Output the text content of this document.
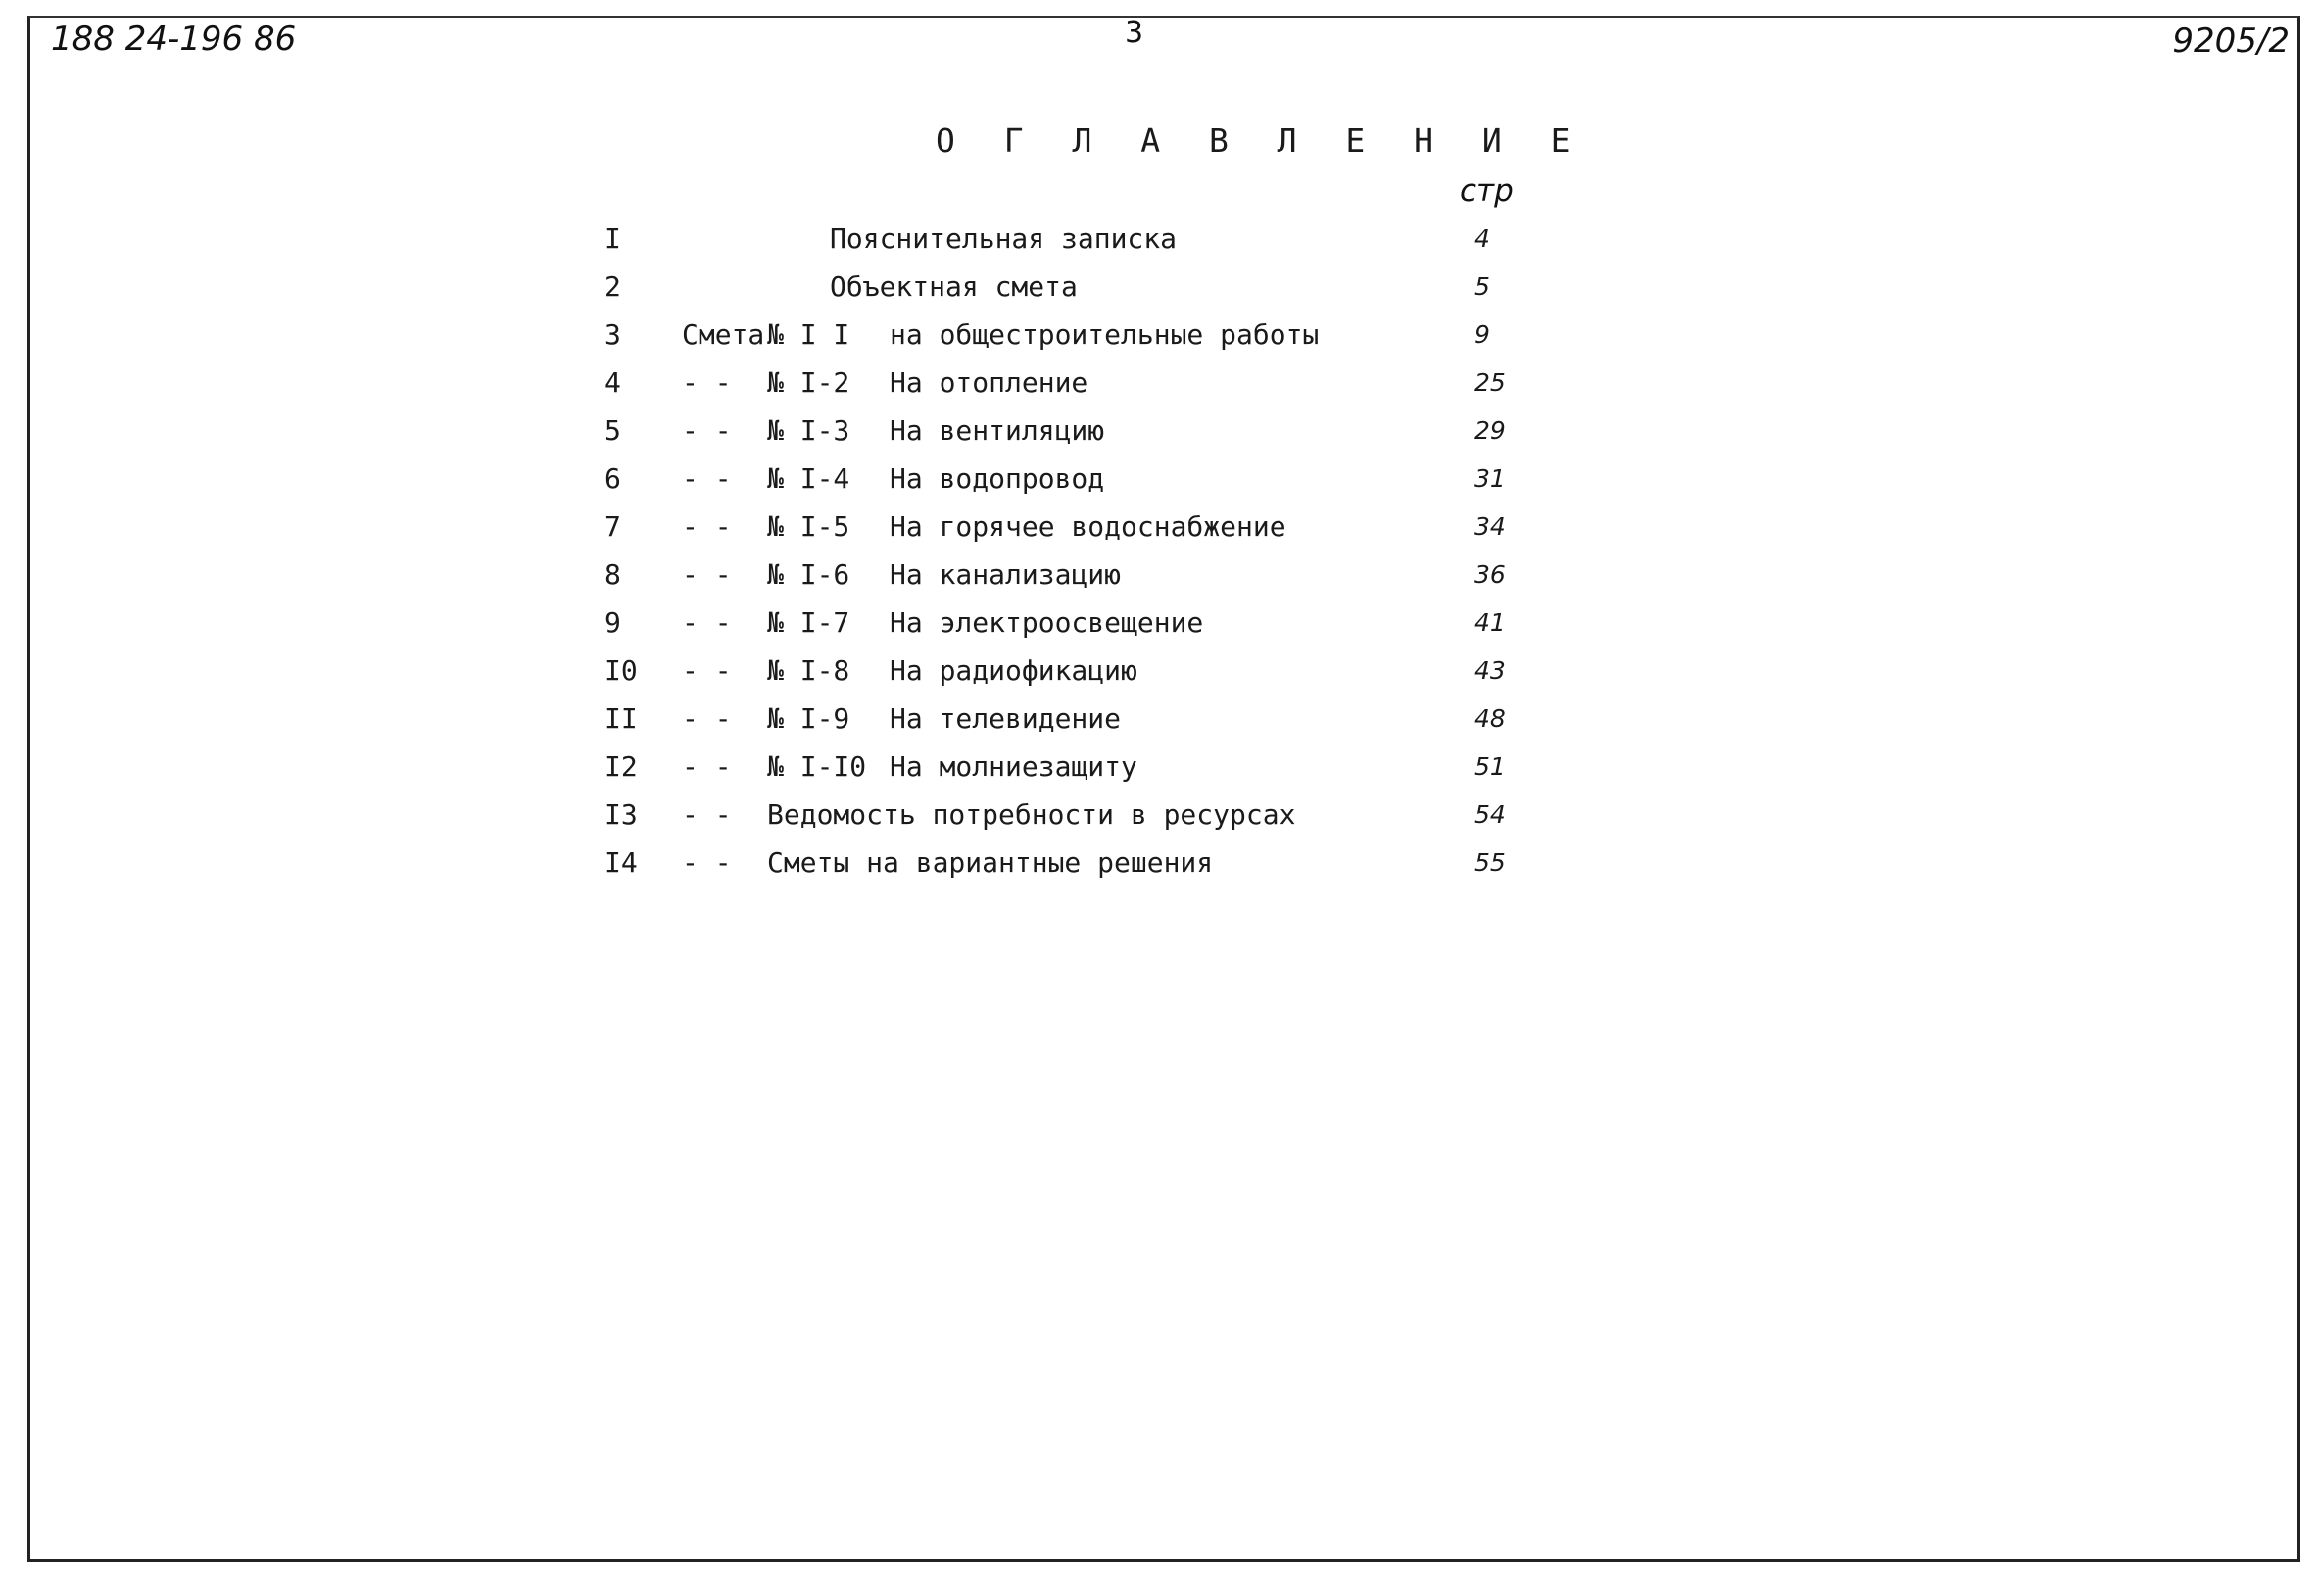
188 24-196 86	3	9205/2
О Г Л А В Л Е Н И Е
стр
I	Пояснительная записка	4
2	Объектная смета	5
3 Смета № I I на общестроительные работы	9
4 - - № I-2 На отопление	25
5 - - № I-3 На вентиляцию	29
6 - - № I-4 На водопровод	31
7 - - № I-5 На горячее водоснабжение	34
8 - - № I-6 На канализацию	36
9 - - № I-7 На электроосвещение	41
I0 - - № I-8 На радиофикацию	43
II - - № I-9 На телевидение	48
I2 - - № I-I0 На молниезащиту	51
I3 - - Ведомость потребности в ресурсах	54
I4 - - Сметы на вариантные решения	55
